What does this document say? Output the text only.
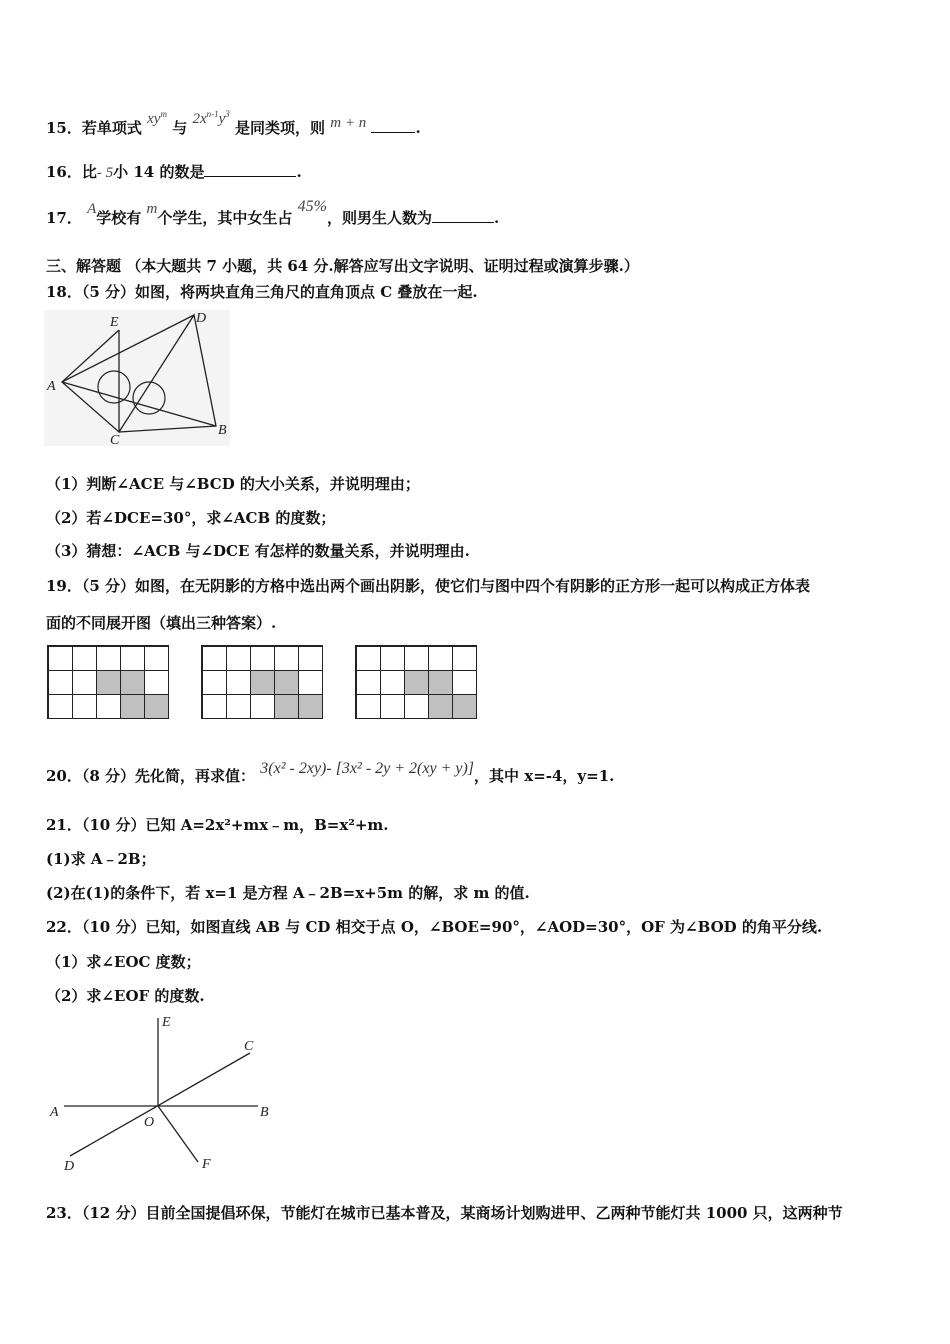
15．若单项式 $xy^m$ 与 $2x^{n-1}y^3$ 是同类项，则 m + n	.
16．比- 5小 14 的数是	.
17． A学校有 m个学生，其中女生占 45%，则男生人数为	.
三、解答题 （本大题共 7 小题，共 64 分.解答应写出文字说明、证明过程或演算步骤.）
18．（5 分）如图，将两块直角三角尺的直角顶点 C 叠放在一起.
E	D
A
C
B
（1）判断∠ACE 与∠BCD 的大小关系，并说明理由；
（2）若∠DCE=30°，求∠ACB 的度数；
（3）猜想：∠ACB 与∠DCE 有怎样的数量关系，并说明理由.
19．（5 分）如图，在无阴影的方格中选出两个画出阴影，使它们与图中四个有阴影的正方形一起可以构成正方体表
面的不同展开图（填出三种答案）.
20．（8 分）先化简，再求值： 3(x² - 2xy)- [3x² - 2y + 2(xy + y)]，其中 x=-4，y=1.
21．（10 分）已知 A=2x²+mx﹣m，B=x²+m.
(1)求 A﹣2B；
(2)在(1)的条件下，若 x=1 是方程 A﹣2B=x+5m 的解，求 m 的值.
22．（10 分）已知，如图直线 AB 与 CD 相交于点 O，∠BOE=90°，∠AOD=30°，OF 为∠BOD 的角平分线.
（1）求∠EOC 度数；
（2）求∠EOF 的度数.
E
C
A	B
O
D	F
23．（12 分）目前全国提倡环保，节能灯在城市已基本普及，某商场计划购进甲、乙两种节能灯共 1000 只，这两种节
